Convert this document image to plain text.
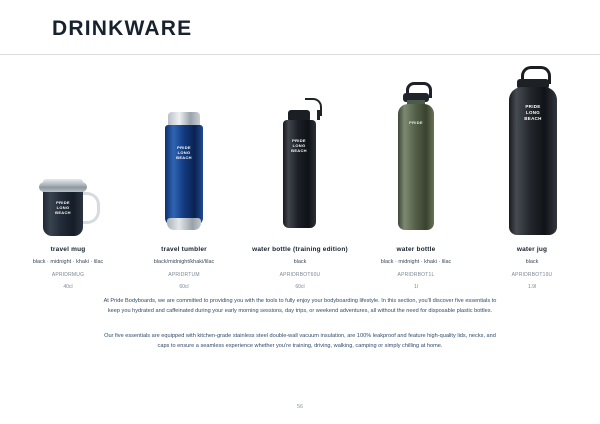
DRINKWARE
PRIDE
LONG
BEACH
travel mug
black · midnight · khaki · lilac
APRIDRMUG
40cl
PRIDE
LONG
BEACH
travel tumbler
black/midnight/khaki/lilac
APRIDRTUM
60cl
PRIDE
LONG
BEACH
water bottle (training edition)
black
APRIDRBOT60U
60cl
PRIDE
water bottle
black · midnight · khaki · lilac
APRIDRBOT1L
1l
PRIDE
LONG
BEACH
water jug
black
APRIDRBOT19U
1.9l

At Pride Bodyboards, we are committed to providing you with the tools to fully enjoy your bodyboarding lifestyle. In this section, you'll discover five essentials to keep you hydrated and caffeinated during your early morning sessions, day trips, or weekend adventures, all without the need for disposable plastic bottles.

Our five essentials are equipped with kitchen-grade stainless steel double-wall vacuum insulation, are 100% leakproof and feature high-quality lids, necks, and caps to ensure a seamless experience whether you're training, driving, walking, camping or simply chilling at home.

56
